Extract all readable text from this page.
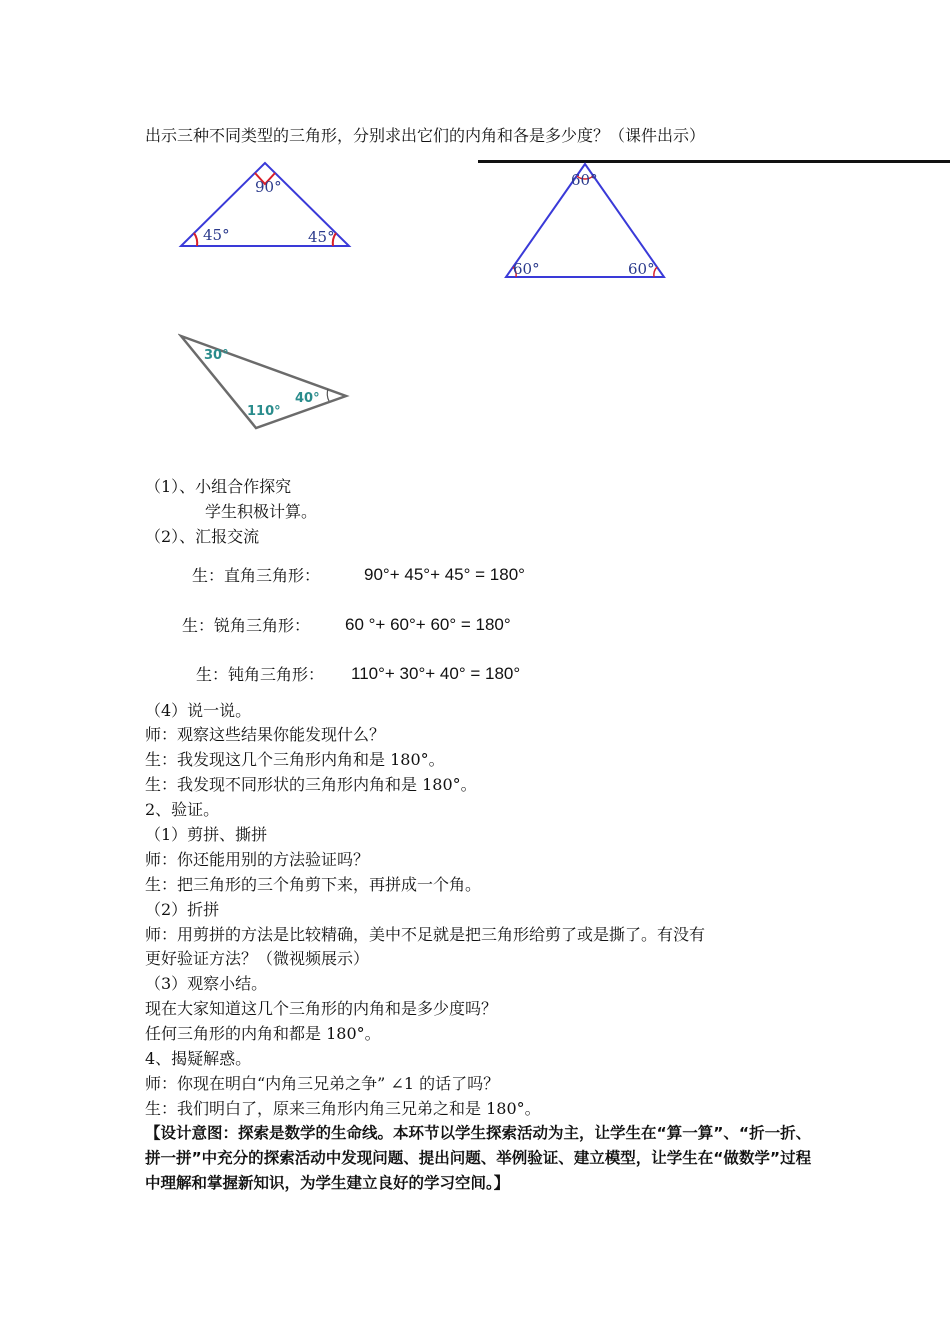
出示三种不同类型的三角形，分别求出它们的内角和各是多少度？（课件出示）
90°
45°	45°
60°
60°	60°
30°
40°
110°
（1）、小组合作探究
学生积极计算。
（2）、汇报交流
生：直角三角形：	90°+ 45°+ 45° = 180°
生：锐角三角形： 60 °+ 60°+ 60° = 180°
生：钝角三角形： 110°+ 30°+ 40° = 180°
（4）说一说。
师：观察这些结果你能发现什么？
生：我发现这几个三角形内角和是 180°。
生：我发现不同形状的三角形内角和是 180°。
2、验证。
（1）剪拼、撕拼
师：你还能用别的方法验证吗？
生：把三角形的三个角剪下来，再拼成一个角。
（2）折拼
师：用剪拼的方法是比较精确，美中不足就是把三角形给剪了或是撕了。有没有
更好验证方法？（微视频展示）
（3）观察小结。
现在大家知道这几个三角形的内角和是多少度吗？
任何三角形的内角和都是 180°。
4、揭疑解惑。
师：你现在明白“内角三兄弟之争” ∠1 的话了吗？
生：我们明白了，原来三角形内角三兄弟之和是 180°。
【设计意图：探索是数学的生命线。本环节以学生探索活动为主，让学生在“算一算”、“折一折、拼一拼”中充分的探索活动中发现问题、提出问题、举例验证、建立模型，让学生在“做数学”过程中理解和掌握新知识，为学生建立良好的学习空间。】
